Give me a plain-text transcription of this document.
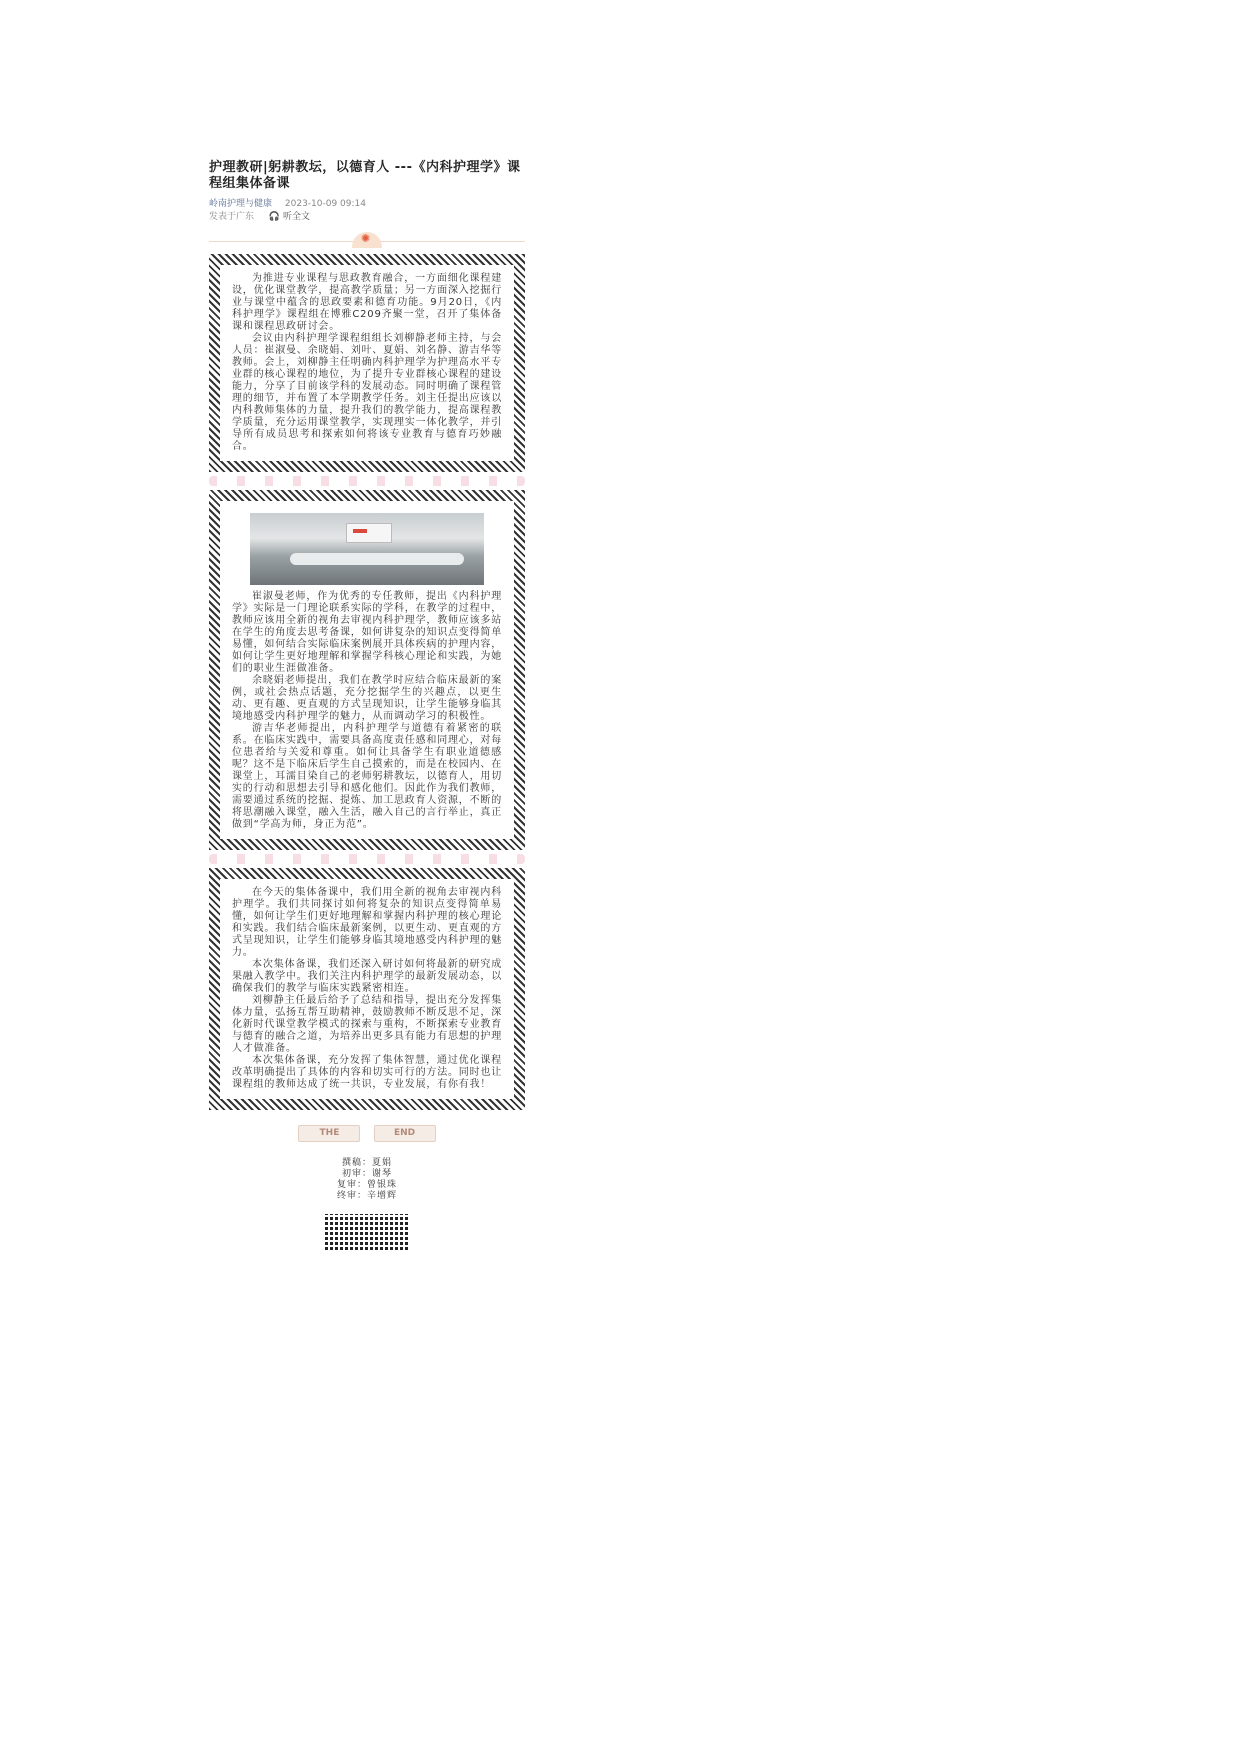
护理教研|躬耕教坛，以德育人 ---《内科护理学》课程组集体备课
岭南护理与健康 2023-10-09 09:14
发表于广东 🎧 听全文
✺

为推进专业课程与思政教育融合，一方面细化课程建设，优化课堂教学，提高教学质量；另一方面深入挖掘行业与课堂中蕴含的思政要素和德育功能。9月20日，《内科护理学》课程组在博雅C209齐聚一堂，召开了集体备课和课程思政研讨会。

会议由内科护理学课程组组长刘柳静老师主持，与会人员：崔淑曼、余晓娟、刘叶、夏娟、刘名静、游吉华等教师。会上，刘柳静主任明确内科护理学为护理高水平专业群的核心课程的地位，为了提升专业群核心课程的建设能力，分享了目前该学科的发展动态。同时明确了课程管理的细节，并布置了本学期教学任务。刘主任提出应该以内科教师集体的力量，提升我们的教学能力，提高课程教学质量，充分运用课堂教学，实现理实一体化教学，并引导所有成员思考和探索如何将该专业教育与德育巧妙融合。

崔淑曼老师，作为优秀的专任教师，提出《内科护理学》实际是一门理论联系实际的学科，在教学的过程中，教师应该用全新的视角去审视内科护理学，教师应该多站在学生的角度去思考备课，如何讲复杂的知识点变得简单易懂，如何结合实际临床案例展开具体疾病的护理内容，如何让学生更好地理解和掌握学科核心理论和实践，为她们的职业生涯做准备。

余晓娟老师提出，我们在教学时应结合临床最新的案例，或社会热点话题，充分挖掘学生的兴趣点，以更生动、更有趣、更直观的方式呈现知识，让学生能够身临其境地感受内科护理学的魅力，从而调动学习的积极性。

游吉华老师提出，内科护理学与道德有着紧密的联系。在临床实践中，需要具备高度责任感和同理心，对每位患者给与关爱和尊重。如何让具备学生有职业道德感呢？这不是下临床后学生自己摸索的，而是在校园内、在课堂上，耳濡目染自己的老师躬耕教坛，以德育人，用切实的行动和思想去引导和感化他们。因此作为我们教师，需要通过系统的挖掘、提炼、加工思政育人资源，不断的将思潮融入课堂，融入生活，融入自己的言行举止，真正做到“学高为师，身正为范”。

在今天的集体备课中，我们用全新的视角去审视内科护理学。我们共同探讨如何将复杂的知识点变得简单易懂，如何让学生们更好地理解和掌握内科护理的核心理论和实践。我们结合临床最新案例，以更生动、更直观的方式呈现知识，让学生们能够身临其境地感受内科护理的魅力。

本次集体备课，我们还深入研讨如何将最新的研究成果融入教学中。我们关注内科护理学的最新发展动态，以确保我们的教学与临床实践紧密相连。

刘柳静主任最后给予了总结和指导，提出充分发挥集体力量，弘扬互帮互助精神，鼓励教师不断反思不足，深化新时代课堂教学模式的探索与重构，不断探索专业教育与德育的融合之道，为培养出更多具有能力有思想的护理人才做准备。

本次集体备课，充分发挥了集体智慧，通过优化课程改革明确提出了具体的内容和切实可行的方法。同时也让课程组的教师达成了统一共识，专业发展，有你有我！

THE	END
撰稿：夏娟
初审：谢琴
复审：曾银珠
终审：辛增辉
